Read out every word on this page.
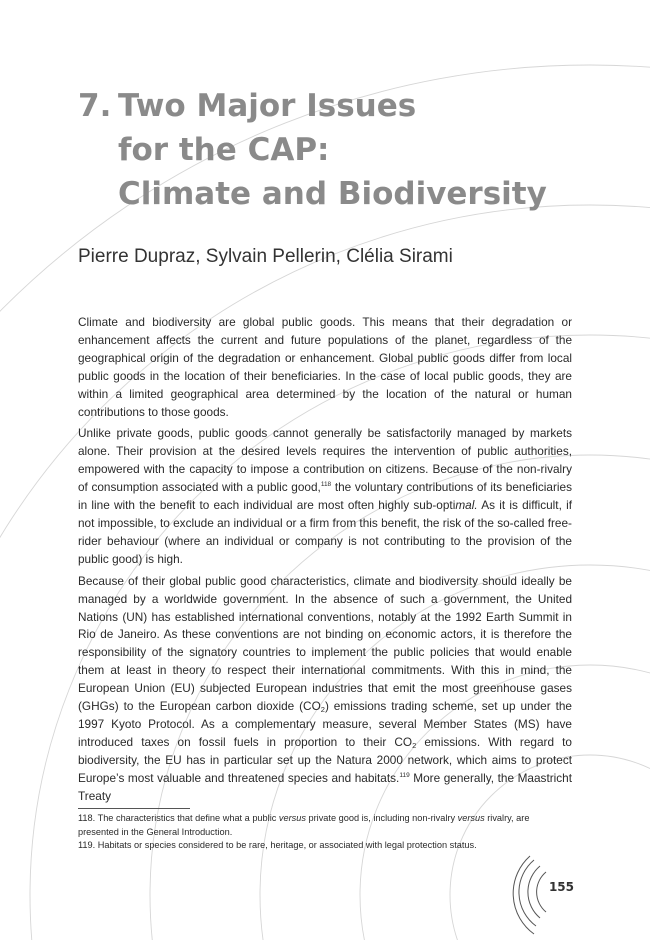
7. Two Major Issues
for the CAP:
Climate and Biodiversity

Pierre Dupraz, Sylvain Pellerin, Clélia Sirami

Climate and biodiversity are global public goods. This means that their degradation or enhancement affects the current and future populations of the planet, regardless of the geographical origin of the degradation or enhancement. Global public goods differ from local public goods in the location of their beneficiaries. In the case of local public goods, they are within a limited geographical area determined by the location of the natural or human contributions to those goods.

Unlike private goods, public goods cannot generally be satisfactorily managed by markets alone. Their provision at the desired levels requires the intervention of public authorities, empowered with the capacity to impose a contribution on citizens. Because of the non-rivalry of consumption associated with a public good,$^{118}$ the voluntary contributions of its beneficiaries in line with the benefit to each individual are most often highly sub-optimal. As it is difficult, if not impossible, to exclude an individual or a firm from this benefit, the risk of the so-called free-rider behaviour (where an individual or company is not contributing to the provision of the public good) is high.

Because of their global public good characteristics, climate and biodiversity should ideally be managed by a worldwide government. In the absence of such a government, the United Nations (UN) has established international conventions, notably at the 1992 Earth Summit in Rio de Janeiro. As these conventions are not binding on economic actors, it is therefore the responsibility of the signatory countries to implement the public policies that would enable them at least in theory to respect their international commitments. With this in mind, the European Union (EU) subjected European industries that emit the most greenhouse gases (GHGs) to the European carbon dioxide $(CO_2)$ emissions trading scheme, set up under the 1997 Kyoto Protocol. As a complementary measure, several Member States (MS) have introduced taxes on fossil fuels in proportion to their $CO_2$ emissions. With regard to biodiversity, the EU has in particular set up the Natura 2000 network, which aims to protect Europe’s most valuable and threatened species and habitats.$^{119}$ More generally, the Maastricht Treaty

118. The characteristics that define what a public versus private good is, including non-rivalry versus rivalry, are presented in the General Introduction.

119. Habitats or species considered to be rare, heritage, or associated with legal protection status.

155
